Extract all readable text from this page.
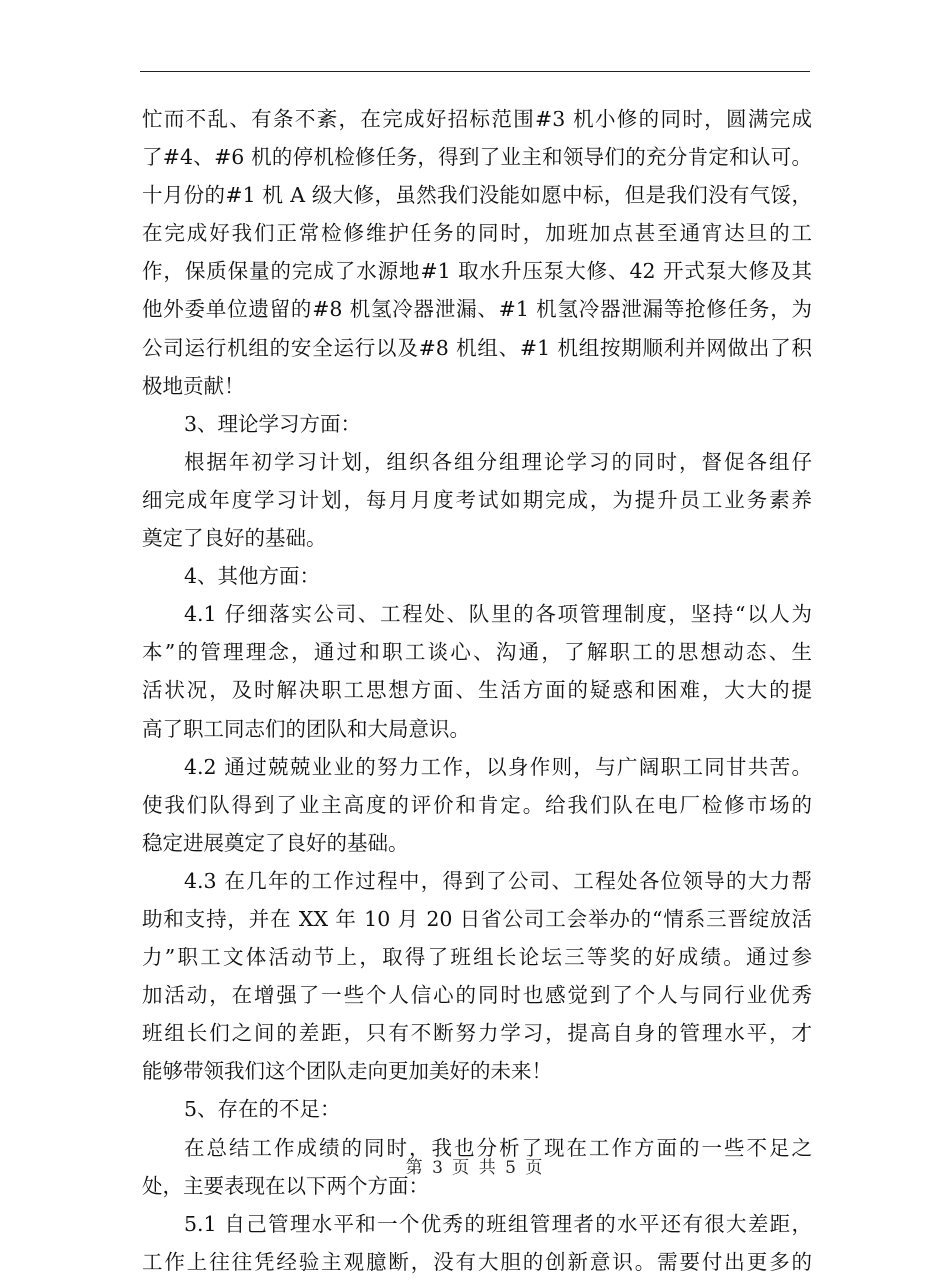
忙而不乱、有条不紊，在完成好招标范围#3 机小修的同时，圆满完成
了#4、#6 机的停机检修任务，得到了业主和领导们的充分肯定和认可。
十月份的#1 机 A 级大修，虽然我们没能如愿中标，但是我们没有气馁，
在完成好我们正常检修维护任务的同时，加班加点甚至通宵达旦的工
作，保质保量的完成了水源地#1 取水升压泵大修、42 开式泵大修及其
他外委单位遗留的#8 机氢冷器泄漏、#1 机氢冷器泄漏等抢修任务，为
公司运行机组的安全运行以及#8 机组、#1 机组按期顺利并网做出了积
极地贡献！
3、理论学习方面：
根据年初学习计划，组织各组分组理论学习的同时，督促各组仔
细完成年度学习计划，每月月度考试如期完成，为提升员工业务素养
奠定了良好的基础。
4、其他方面：
4.1 仔细落实公司、工程处、队里的各项管理制度，坚持“以人为
本”的管理理念，通过和职工谈心、沟通，了解职工的思想动态、生
活状况，及时解决职工思想方面、生活方面的疑惑和困难，大大的提
高了职工同志们的团队和大局意识。
4.2 通过兢兢业业的努力工作，以身作则，与广阔职工同甘共苦。
使我们队得到了业主高度的评价和肯定。给我们队在电厂检修市场的
稳定进展奠定了良好的基础。
4.3 在几年的工作过程中，得到了公司、工程处各位领导的大力帮
助和支持，并在 XX 年 10 月 20 日省公司工会举办的“情系三晋绽放活
力”职工文体活动节上，取得了班组长论坛三等奖的好成绩。通过参
加活动，在增强了一些个人信心的同时也感觉到了个人与同行业优秀
班组长们之间的差距，只有不断努力学习，提高自身的管理水平，才
能够带领我们这个团队走向更加美好的未来！
5、存在的不足：
在总结工作成绩的同时，我也分析了现在工作方面的一些不足之
处，主要表现在以下两个方面：
5.1 自己管理水平和一个优秀的班组管理者的水平还有很大差距，
工作上往往凭经验主观臆断，没有大胆的创新意识。需要付出更多的
第 3 页 共 5 页
